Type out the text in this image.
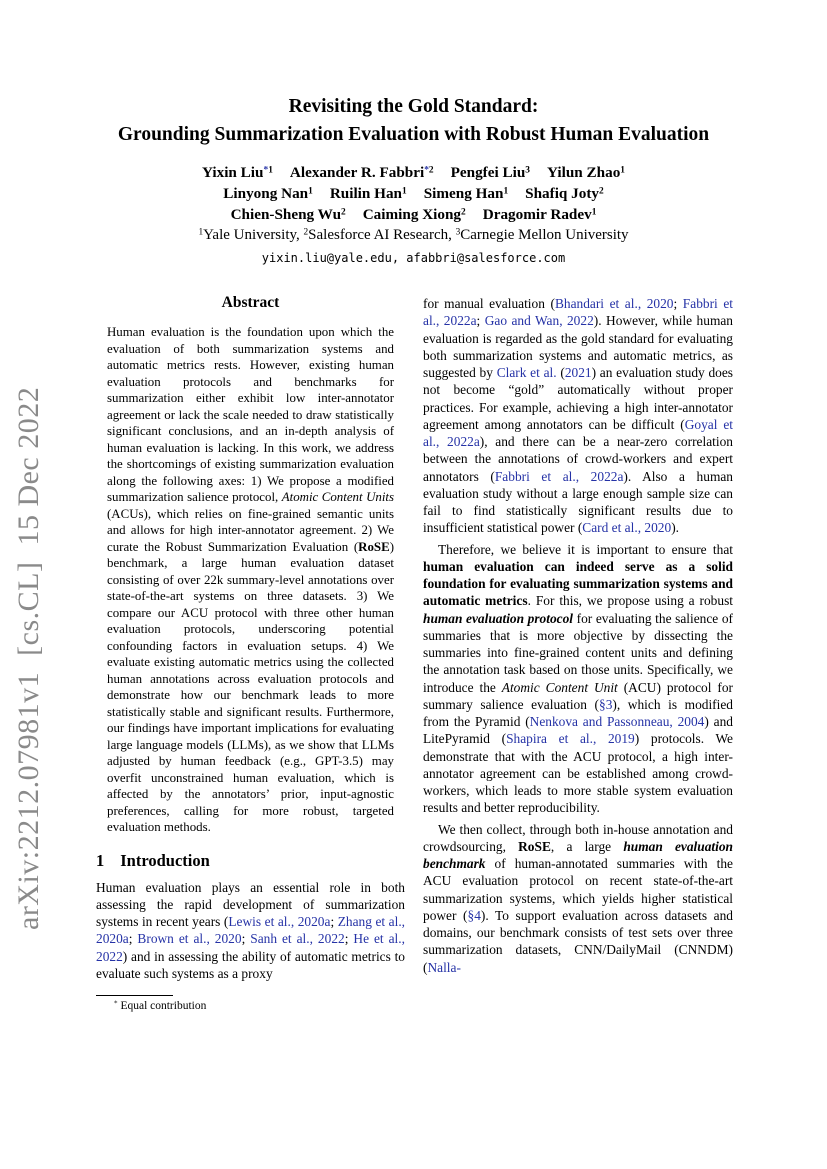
arXiv:2212.07981v1  [cs.CL]  15 Dec 2022
Revisiting the Gold Standard:
Grounding Summarization Evaluation with Robust Human Evaluation
Yixin Liu$^{*1}$ Alexander R. Fabbri$^{*2}$ Pengfei Liu$^3$ Yilun Zhao$^1$
Linyong Nan$^1$ Ruilin Han$^1$ Simeng Han$^1$ Shafiq Joty$^2$
Chien-Sheng Wu$^2$ Caiming Xiong$^2$ Dragomir Radev$^1$
$^1$Yale University, $^2$Salesforce AI Research, $^3$Carnegie Mellon University
yixin.liu@yale.edu, afabbri@salesforce.com
Abstract
Human evaluation is the foundation upon which the evaluation of both summarization systems and automatic metrics rests. However, existing human evaluation protocols and benchmarks for summarization either exhibit low inter-annotator agreement or lack the scale needed to draw statistically significant conclusions, and an in-depth analysis of human evaluation is lacking. In this work, we address the shortcomings of existing summarization evaluation along the following axes: 1) We propose a modified summarization salience protocol, Atomic Content Units (ACUs), which relies on fine-grained semantic units and allows for high inter-annotator agreement. 2) We curate the Robust Summarization Evaluation (RoSE) benchmark, a large human evaluation dataset consisting of over 22k summary-level annotations over state-of-the-art systems on three datasets. 3) We compare our ACU protocol with three other human evaluation protocols, underscoring potential confounding factors in evaluation setups. 4) We evaluate existing automatic metrics using the collected human annotations across evaluation protocols and demonstrate how our benchmark leads to more statistically stable and significant results. Furthermore, our findings have important implications for evaluating large language models (LLMs), as we show that LLMs adjusted by human feedback (e.g., GPT-3.5) may overfit unconstrained human evaluation, which is affected by the annotators’ prior, input-agnostic preferences, calling for more robust, targeted evaluation methods.
1 Introduction

Human evaluation plays an essential role in both assessing the rapid development of summarization systems in recent years (Lewis et al., 2020a; Zhang et al., 2020a; Brown et al., 2020; Sanh et al., 2022; He et al., 2022) and in assessing the ability of automatic metrics to evaluate such systems as a proxy

* Equal contribution

for manual evaluation (Bhandari et al., 2020; Fabbri et al., 2022a; Gao and Wan, 2022). However, while human evaluation is regarded as the gold standard for evaluating both summarization systems and automatic metrics, as suggested by Clark et al. (2021) an evaluation study does not become “gold” automatically without proper practices. For example, achieving a high inter-annotator agreement among annotators can be difficult (Goyal et al., 2022a), and there can be a near-zero correlation between the annotations of crowd-workers and expert annotators (Fabbri et al., 2022a). Also a human evaluation study without a large enough sample size can fail to find statistically significant results due to insufficient statistical power (Card et al., 2020).

Therefore, we believe it is important to ensure that human evaluation can indeed serve as a solid foundation for evaluating summarization systems and automatic metrics. For this, we propose using a robust human evaluation protocol for evaluating the salience of summaries that is more objective by dissecting the summaries into fine-grained content units and defining the annotation task based on those units. Specifically, we introduce the Atomic Content Unit (ACU) protocol for summary salience evaluation (§3), which is modified from the Pyramid (Nenkova and Passonneau, 2004) and LitePyramid (Shapira et al., 2019) protocols. We demonstrate that with the ACU protocol, a high inter-annotator agreement can be established among crowd-workers, which leads to more stable system evaluation results and better reproducibility.

We then collect, through both in-house annotation and crowdsourcing, RoSE, a large human evaluation benchmark of human-annotated summaries with the ACU evaluation protocol on recent state-of-the-art summarization systems, which yields higher statistical power (§4). To support evaluation across datasets and domains, our benchmark consists of test sets over three summarization datasets, CNN/DailyMail (CNNDM) (Nalla-
